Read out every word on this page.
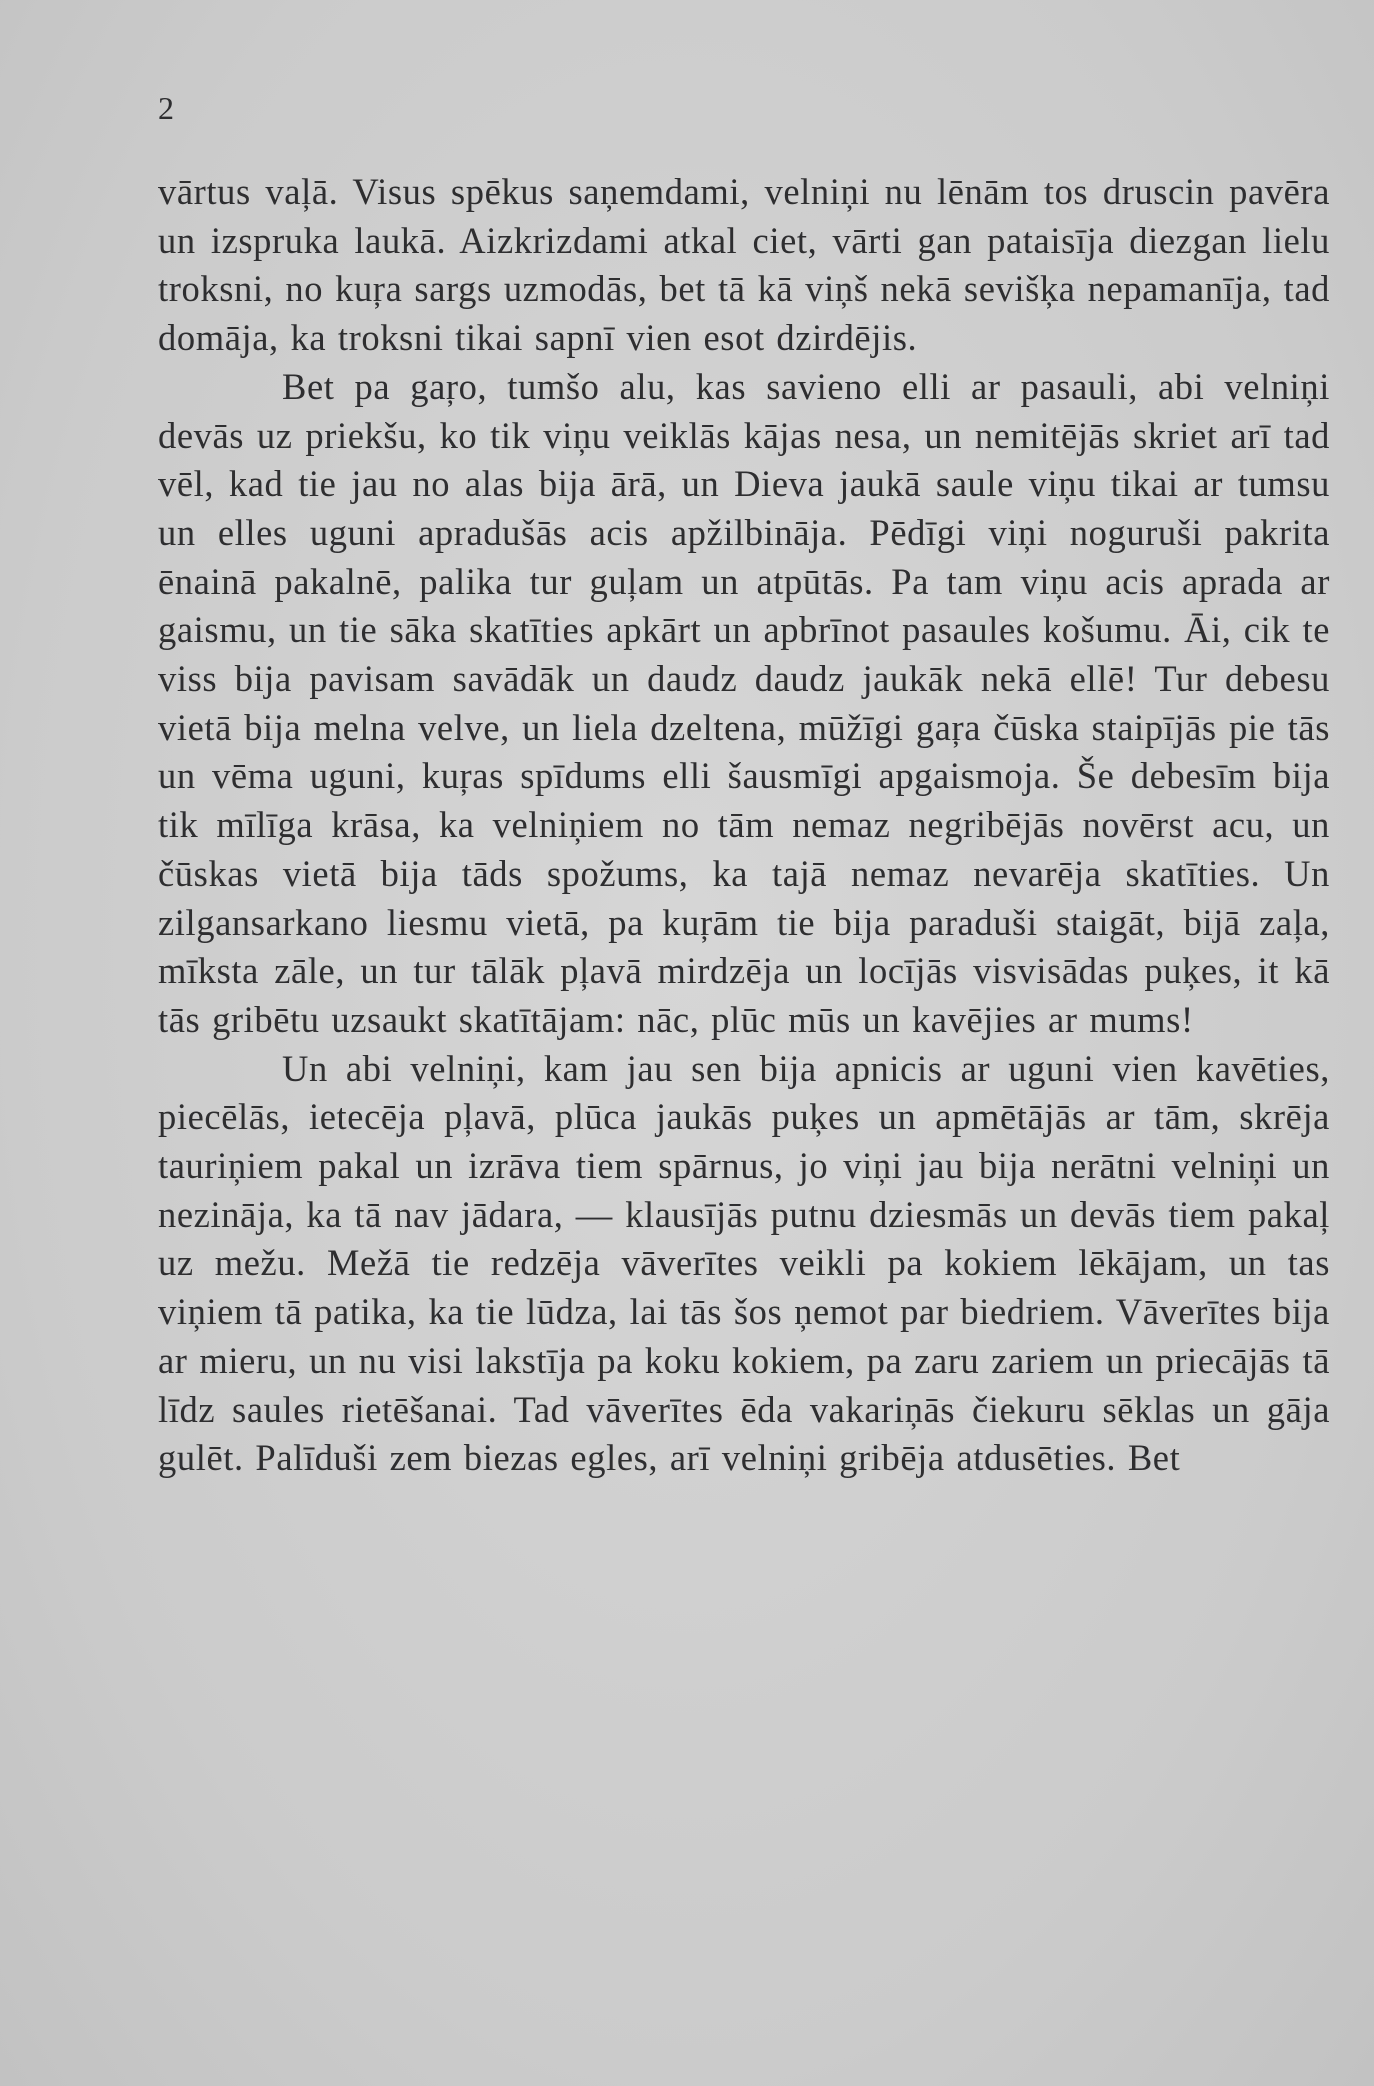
2

vārtus vaļā. Visus spēkus saņemdami, velniņi nu lēnām tos druscin pavēra un izspruka laukā. Aizkrizdami atkal ciet, vārti gan pataisīja diezgan lielu troksni, no kuŗa sargs uzmodās, bet tā kā viņš nekā sevišķa nepamanīja, tad domāja, ka troksni tikai sapnī vien esot dzirdējis.

Bet pa gaŗo, tumšo alu, kas savieno elli ar pasauli, abi velniņi devās uz priekšu, ko tik viņu veiklās kājas nesa, un nemitējās skriet arī tad vēl, kad tie jau no alas bija ārā, un Dieva jaukā saule viņu tikai ar tumsu un elles uguni apradušās acis apžilbināja. Pēdīgi viņi noguruši pakrita ēnainā pakalnē, palika tur guļam un atpūtās. Pa tam viņu acis aprada ar gaismu, un tie sāka skatīties apkārt un apbrīnot pasaules košumu. Āi, cik te viss bija pavisam savādāk un daudz daudz jaukāk nekā ellē! Tur debesu vietā bija melna velve, un liela dzeltena, mūžīgi gaŗa čūska staipījās pie tās un vēma uguni, kuŗas spīdums elli šausmīgi apgaismoja. Še debesīm bija tik mīlīga krāsa, ka velniņiem no tām nemaz negribējās novērst acu, un čūskas vietā bija tāds spožums, ka tajā nemaz nevarēja skatīties. Un zilgansarkano liesmu vietā, pa kuŗām tie bija paraduši staigāt, bijā zaļa, mīksta zāle, un tur tālāk pļavā mirdzēja un locījās visvisādas puķes, it kā tās gribētu uzsaukt skatītājam: nāc, plūc mūs un kavējies ar mums!

Un abi velniņi, kam jau sen bija apnicis ar uguni vien kavēties, piecēlās, ietecēja pļavā, plūca jaukās puķes un apmētājās ar tām, skrēja tauriņiem pakal un izrāva tiem spārnus, jo viņi jau bija nerātni velniņi un nezināja, ka tā nav jādara, — klausījās putnu dziesmās un devās tiem pakaļ uz mežu. Mežā tie redzēja vāverītes veikli pa kokiem lēkājam, un tas viņiem tā patika, ka tie lūdza, lai tās šos ņemot par biedriem. Vāverītes bija ar mieru, un nu visi lakstīja pa koku kokiem, pa zaru zariem un priecājās tā līdz saules rietēšanai. Tad vāverītes ēda vakariņās čiekuru sēklas un gāja gulēt. Palīduši zem biezas egles, arī velniņi gribēja atdusēties. Bet
